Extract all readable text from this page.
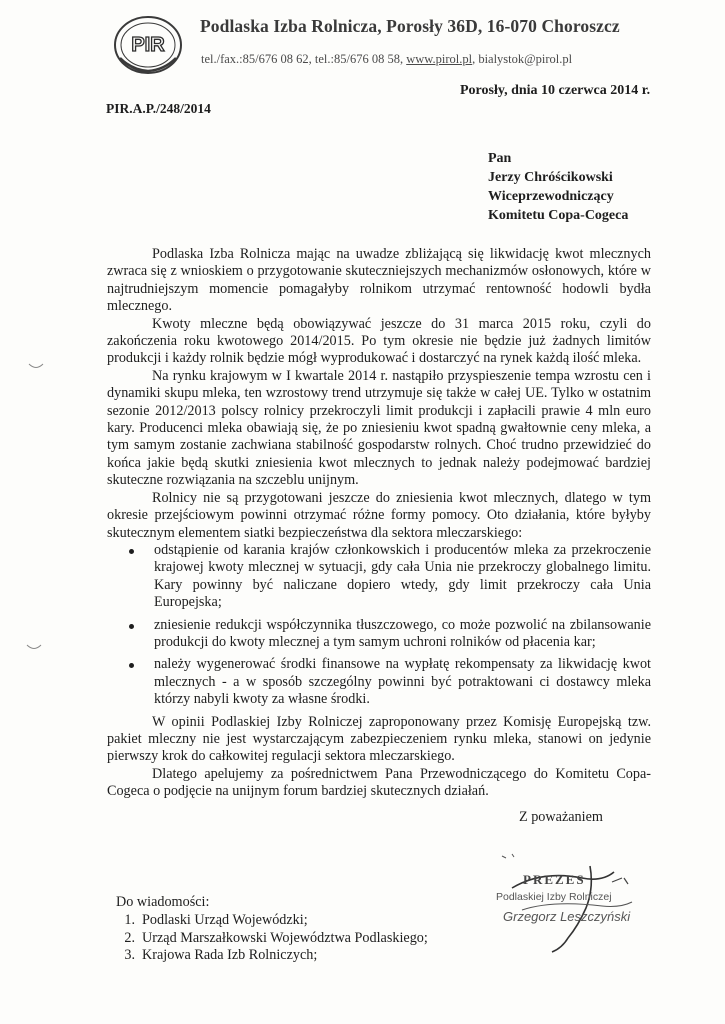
PIR
Podlaska Izba Rolnicza, Porosły 36D, 16-070 Choroszcz
tel./fax.:85/676 08 62, tel.:85/676 08 58, www.pirol.pl, bialystok@pirol.pl
Porosły, dnia 10 czerwca 2014 r.
PIR.A.P./248/2014
Pan
Jerzy Chróścikowski
Wiceprzewodniczący
Komitetu Copa-Cogeca

Podlaska Izba Rolnicza mając na uwadze zbliżającą się likwidację kwot mlecznych zwraca się z wnioskiem o przygotowanie skuteczniejszych mechanizmów osłonowych, które w najtrudniejszym momencie pomagałyby rolnikom utrzymać rentowność hodowli bydła mlecznego.

Kwoty mleczne będą obowiązywać jeszcze do 31 marca 2015 roku, czyli do zakończenia roku kwotowego 2014/2015. Po tym okresie nie będzie już żadnych limitów produkcji i każdy rolnik będzie mógł wyprodukować i dostarczyć na rynek każdą ilość mleka.

Na rynku krajowym w I kwartale 2014 r. nastąpiło przyspieszenie tempa wzrostu cen i dynamiki skupu mleka, ten wzrostowy trend utrzymuje się także w całej UE. Tylko w ostatnim sezonie 2012/2013 polscy rolnicy przekroczyli limit produkcji i zapłacili prawie 4 mln euro kary. Producenci mleka obawiają się, że po zniesieniu kwot spadną gwałtownie ceny mleka, a tym samym zostanie zachwiana stabilność gospodarstw rolnych. Choć trudno przewidzieć do końca jakie będą skutki zniesienia kwot mlecznych to jednak należy podejmować bardziej skuteczne rozwiązania na szczeblu unijnym.

Rolnicy nie są przygotowani jeszcze do zniesienia kwot mlecznych, dlatego w tym okresie przejściowym powinni otrzymać różne formy pomocy. Oto działania, które byłyby skutecznym elementem siatki bezpieczeństwa dla sektora mleczarskiego:

odstąpienie od karania krajów członkowskich i producentów mleka za przekroczenie krajowej kwoty mlecznej w sytuacji, gdy cała Unia nie przekroczy globalnego limitu. Kary powinny być naliczane dopiero wtedy, gdy limit przekroczy cała Unia Europejska;
zniesienie redukcji współczynnika tłuszczowego, co może pozwolić na zbilansowanie produkcji do kwoty mlecznej a tym samym uchroni rolników od płacenia kar;
należy wygenerować środki finansowe na wypłatę rekompensaty za likwidację kwot mlecznych - a w sposób szczególny powinni być potraktowani ci dostawcy mleka którzy nabyli kwoty za własne środki.

W opinii Podlaskiej Izby Rolniczej zaproponowany przez Komisję Europejską tzw. pakiet mleczny nie jest wystarczającym zabezpieczeniem rynku mleka, stanowi on jedynie pierwszy krok do całkowitej regulacji sektora mleczarskiego.

Dlatego apelujemy za pośrednictwem Pana Przewodniczącego do Komitetu Copa-Cogeca o podjęcie na unijnym forum bardziej skutecznych działań.

Z poważaniem
PREZES
Podlaskiej Izby Rolniczej
Grzegorz Leszczyński
Do wiadomości:
1. Podlaski Urząd Wojewódzki;
2. Urząd Marszałkowski Województwa Podlaskiego;
3. Krajowa Rada Izb Rolniczych;
